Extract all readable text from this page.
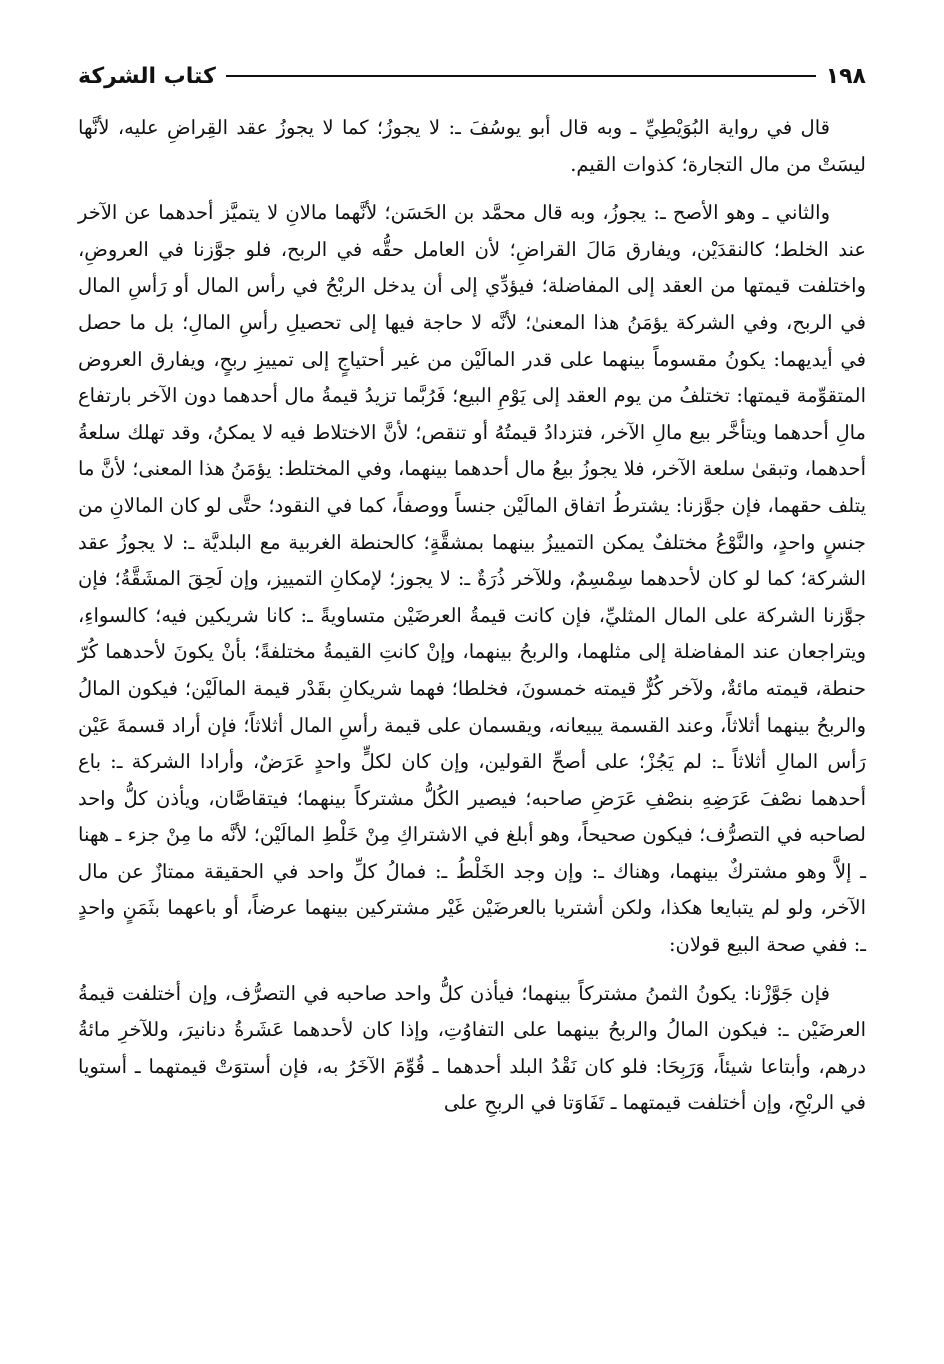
١٩٨
كتاب الشركة

قال في رواية البُوَيْطِيِّ ـ وبه قال أبو يوسُفَ ـ: لا يجوزُ؛ كما لا يجوزُ عقد القِراضِ عليه، لأنَّها ليسَتْ من مال التجارة؛ كذوات القيم.

والثاني ـ وهو الأصح ـ: يجوزُ، وبه قال محمَّد بن الحَسَن؛ لأنَّهما مالانِ لا يتميَّز أحدهما عن الآخر عند الخلط؛ كالنقدَيْن، ويفارق مَالَ القراضِ؛ لأن العامل حقُّه في الربح، فلو جوَّزنا في العروضِ، واختلفت قيمتها من العقد إلى المفاضلة؛ فيؤدِّي إلى أن يدخل الربْحُ في رأس المال أو رَأسِ المال في الربح، وفي الشركة يؤمَنُ هذا المعنىٰ؛ لأنَّه لا حاجة فيها إلى تحصيلِ رأسِ المالِ؛ بل ما حصل في أيديهما: يكونُ مقسوماً بينهما على قدر المالَيْن من غير أحتياجٍ إلى تمييزِ ربحٍ، ويفارق العروض المتقوِّمة قيمتها: تختلفُ من يوم العقد إلى يَوْمِ البيع؛ فَرُبَّما تزيدُ قيمةُ مال أحدهما دون الآخر بارتفاع مالِ أحدهما ويتأخَّر بيع مالِ الآخر، فتزدادُ قيمتُهُ أو تنقص؛ لأنَّ الاختلاط فيه لا يمكنُ، وقد تهلك سلعةُ أحدهما، وتبقىٰ سلعة الآخر، فلا يجوزُ بيعُ مال أحدهما بينهما، وفي المختلط: يؤمَنُ هذا المعنى؛ لأنَّ ما يتلف حقهما، فإن جوَّزنا: يشترطُ اتفاق المالَيْن جنساً ووصفاً، كما في النقود؛ حتَّى لو كان المالانِ من جنسٍ واحدٍ، والنَّوْعُ مختلفٌ يمكن التمييزُ بينهما بمشقَّةٍ؛ كالحنطة الغربية مع البلديَّة ـ: لا يجوزُ عقد الشركة؛ كما لو كان لأحدهما سِمْسِمٌ، وللآخر ذُرَةٌ ـ: لا يجوز؛ لإمكانِ التمييز، وإن لَحِقَ المشَقَّةُ؛ فإن جوَّزنا الشركة على المال المثليِّ، فإن كانت قيمةُ العرضَيْن متساويةً ـ: كانا شريكين فيه؛ كالسواءِ، ويتراجعان عند المفاضلة إلى مثلهما، والربحُ بينهما، وإنْ كانتِ القيمةُ مختلفةً؛ بأنْ يكونَ لأحدهما كُرّ حنطة، قيمته مائةٌ، ولآخر كُرٌّ قيمته خمسونَ، فخلطا؛ فهما شريكانِ بقَدْر قيمة المالَيْن؛ فيكون المالُ والربحُ بينهما أثلاثاً، وعند القسمة يبيعانه، ويقسمان على قيمة رأسِ المال أثلاثاً؛ فإن أراد قسمةَ عَيْن رَأس المالِ أثلاثاً ـ: لم يَجُزْ؛ على أصحِّ القولين، وإن كان لكلٍّ واحدٍ عَرَضٌ، وأرادا الشركة ـ: باع أحدهما نصْفَ عَرَضِهِ بنصْفِ عَرَضِ صاحبه؛ فيصير الكُلُّ مشتركاً بينهما؛ فيتقاصَّان، ويأذن كلُّ واحد لصاحبه في التصرُّف؛ فيكون صحيحاً، وهو أبلغ في الاشتراكِ مِنْ خَلْطِ المالَيْن؛ لأنَّه ما مِنْ جزء ـ ههنا ـ إلاَّ وهو مشتركٌ بينهما، وهناك ـ: وإن وجد الخَلْطُ ـ: فمالُ كلِّ واحد في الحقيقة ممتازٌ عن مال الآخر، ولو لم يتبايعا هكذا، ولكن أشتريا بالعرضَيْن غَيْر مشتركين بينهما عرضاً، أو باعهما بثَمَنٍ واحدٍ ـ: ففي صحة البيع قولان:

فإن جَوَّزْنا: يكونُ الثمنُ مشتركاً بينهما؛ فيأذن كلُّ واحد صاحبه في التصرُّف، وإن أختلفت قيمةُ العرضَيْن ـ: فيكون المالُ والربحُ بينهما على التفاوُتِ، وإذا كان لأحدهما عَشَرةُ دنانيرَ، وللآخرِ مائةُ درهم، وأبتاعا شيئاً، وَرَبِحَا: فلو كان نَقْدُ البلد أحدهما ـ قُوِّمَ الآخَرُ به، فإن أستوَتْ قيمتهما ـ أستويا في الربْحِ، وإن أختلفت قيمتهما ـ تَفَاوَتا في الربحِ على
